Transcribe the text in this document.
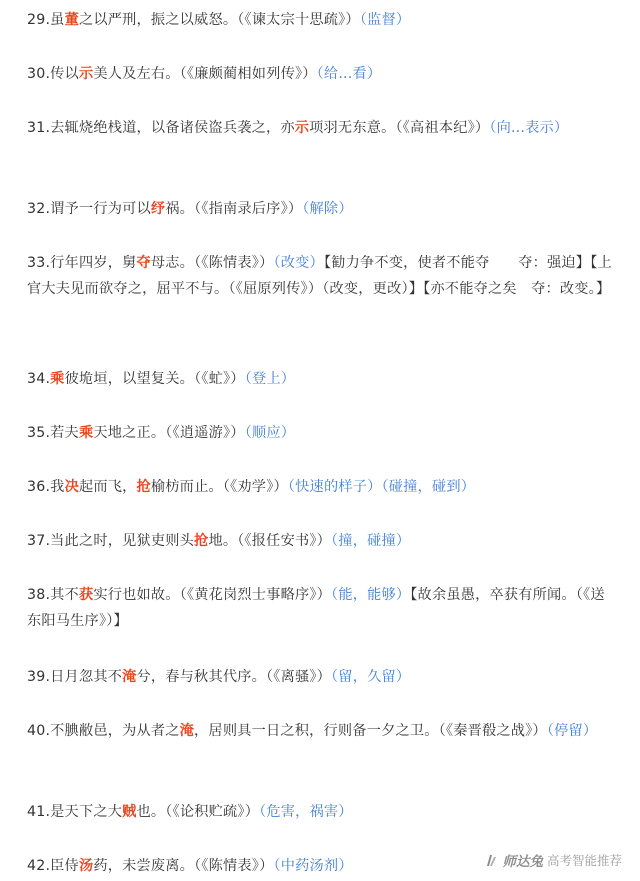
29.虽董之以严刑，振之以威怒。（《谏太宗十思疏》）（监督）
30.传以示美人及左右。（《廉颇蔺相如列传》）（给...看）
31.去辄烧绝栈道，以备诸侯盗兵袭之，亦示项羽无东意。（《高祖本纪》）（向...表示）
32.谓予一行为可以纾祸。（《指南录后序》）（解除）
33.行年四岁，舅夺母志。（《陈情表》）（改变）【勧力争不变，使者不能夺　　夺：强迫】【上官大夫见而欲夺之，屈平不与。（《屈原列传》）（改变，更改）】【亦不能夺之矣　夺：改变。】
34.乘彼垝垣，以望复关。（《虻》）（登上）
35.若夫乘天地之正。（《逍遥游》）（顺应）
36.我决起而飞，抢榆枋而止。（《劝学》）（快速的样子）（碰撞，碰到）
37.当此之时，见狱吏则头抢地。（《报任安书》）（撞，碰撞）
38.其不获实行也如故。（《黄花岗烈士事略序》）（能，能够）【故余虽愚，卒获有所闻。（《送东阳马生序》）】
39.日月忽其不淹兮，春与秋其代序。（《离骚》）（留，久留）
40.不腆敝邑，为从者之淹，居则具一日之积，行则备一夕之卫。（《秦晋殽之战》）（停留）
41.是天下之大贼也。（《论积贮疏》）（危害，祸害）
42.臣侍汤药，未尝废离。（《陈情表》）（中药汤剂）	师达兔 高考智能推荐
